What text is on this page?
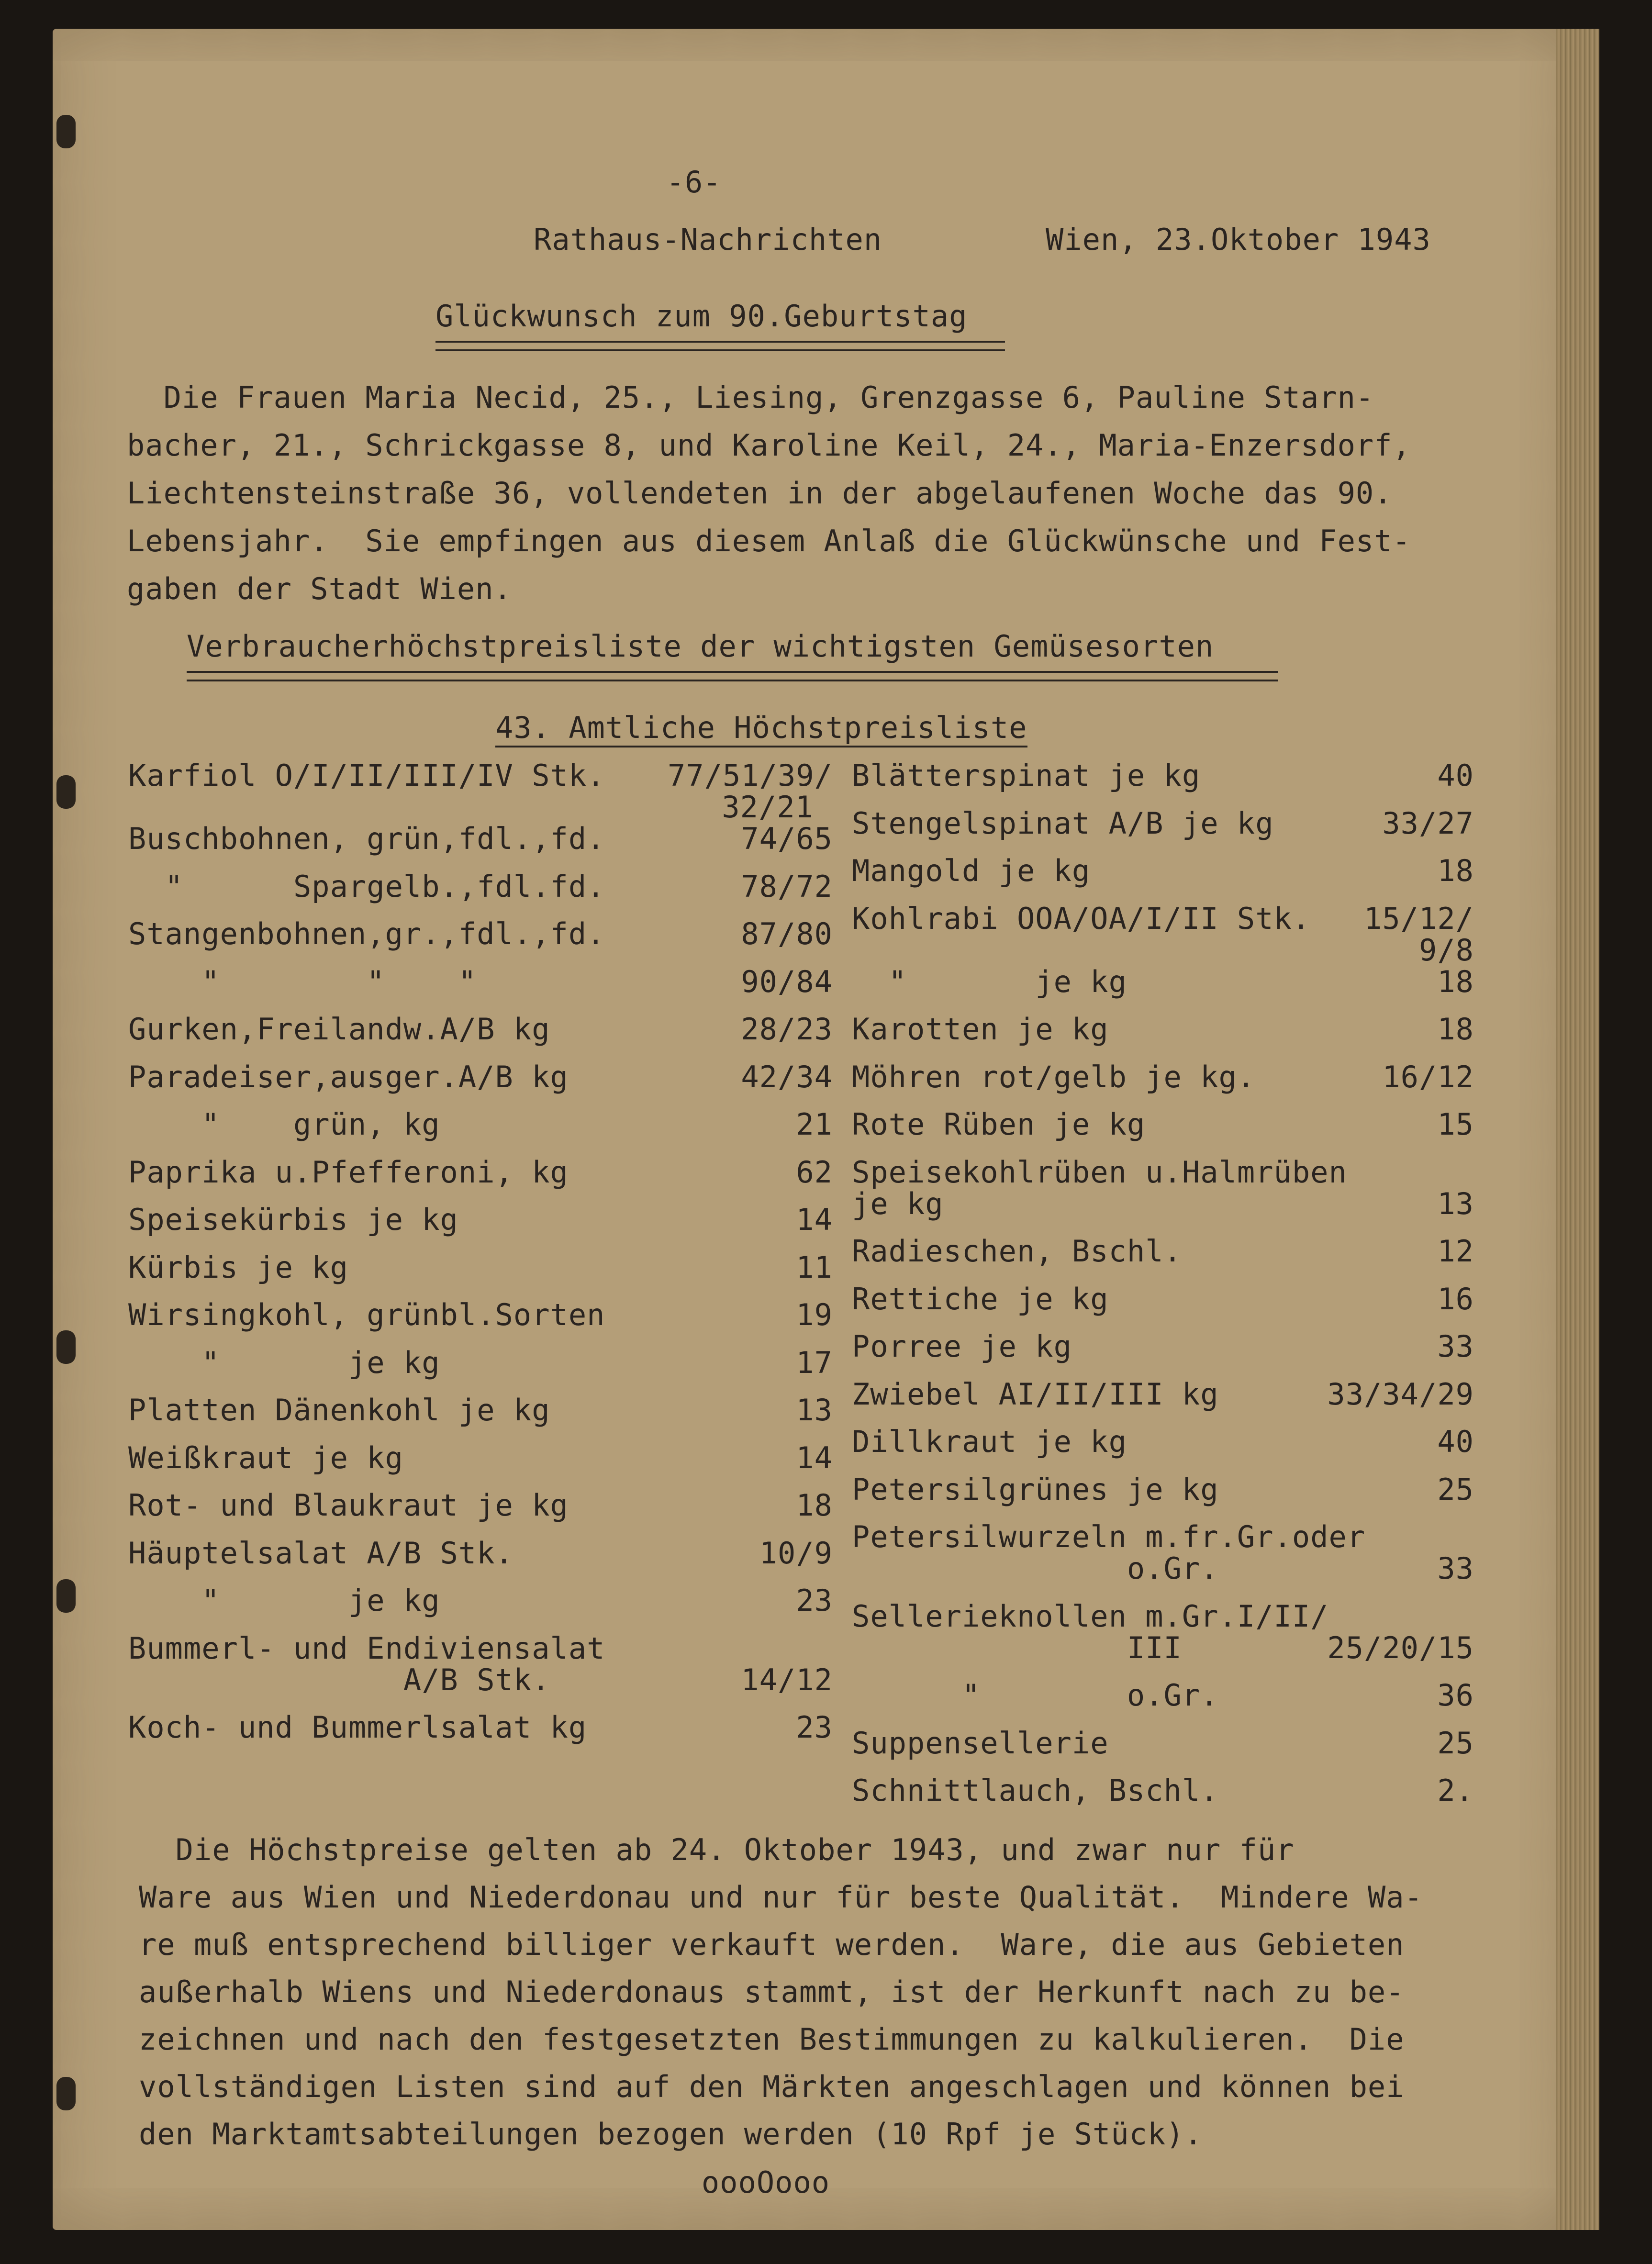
-6-
Rathaus-Nachrichten	Wien, 23.Oktober 1943
Glückwunsch zum 90.Geburtstag
Die Frauen Maria Necid, 25., Liesing, Grenzgasse 6, Pauline Starn-
bacher, 21., Schrickgasse 8, und Karoline Keil, 24., Maria-Enzersdorf,
Liechtensteinstraße 36, vollendeten in der abgelaufenen Woche das 90.
Lebensjahr.  Sie empfingen aus diesem Anlaß die Glückwünsche und Fest-
gaben der Stadt Wien.
Verbraucherhöchstpreisliste der wichtigsten Gemüsesorten
43. Amtliche Höchstpreisliste
Karfiol O/I/II/III/IV Stk.	77/51/39/
32/21
Buschbohnen, grün,fdl.,fd.	74/65
"      Spargelb.,fdl.fd.	78/72
Stangenbohnen,gr.,fdl.,fd.	87/80
"        "    "	90/84
Gurken,Freilandw.A/B kg	28/23
Paradeiser,ausger.A/B kg	42/34
"    grün, kg	21
Paprika u.Pfefferoni, kg	62
Speisekürbis je kg	14
Kürbis je kg	11
Wirsingkohl, grünbl.Sorten	19
"       je kg	17
Platten Dänenkohl je kg	13
Weißkraut je kg	14
Rot- und Blaukraut je kg	18
Häuptelsalat A/B Stk.	10/9
"       je kg	23
Bummerl- und Endiviensalat
A/B Stk.	14/12
Koch- und Bummerlsalat kg	23
Blätterspinat je kg	40
Stengelspinat A/B je kg	33/27
Mangold je kg	18
Kohlrabi OOA/OA/I/II Stk.	15/12/
9/8
"       je kg	18
Karotten je kg	18
Möhren rot/gelb je kg.	16/12
Rote Rüben je kg	15
Speisekohlrüben u.Halmrüben
je kg	13
Radieschen, Bschl.	12
Rettiche je kg	16
Porree je kg	33
Zwiebel AI/II/III kg	33/34/29
Dillkraut je kg	40
Petersilgrünes je kg	25
Petersilwurzeln m.fr.Gr.oder
o.Gr.	33
Sellerieknollen m.Gr.I/II/
III	25/20/15
"        o.Gr.	36
Suppensellerie	25
Schnittlauch, Bschl.	2.
Die Höchstpreise gelten ab 24. Oktober 1943, und zwar nur für
Ware aus Wien und Niederdonau und nur für beste Qualität.  Mindere Wa-
re muß entsprechend billiger verkauft werden.  Ware, die aus Gebieten
außerhalb Wiens und Niederdonaus stammt, ist der Herkunft nach zu be-
zeichnen und nach den festgesetzten Bestimmungen zu kalkulieren.  Die
vollständigen Listen sind auf den Märkten angeschlagen und können bei
den Marktamtsabteilungen bezogen werden (10 Rpf je Stück).
oooOooo
